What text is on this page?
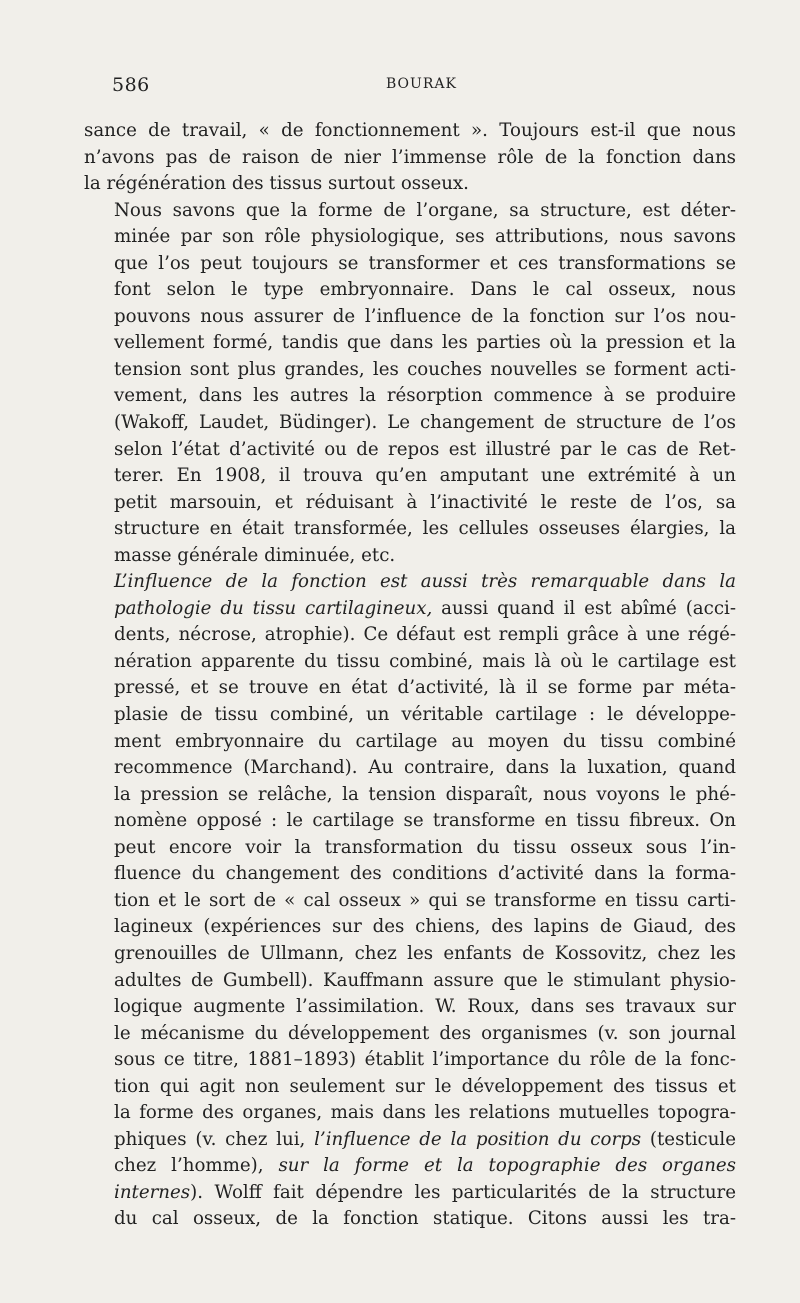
586	BOURAK

sance de travail, « de fonctionnement ». Toujours est-il que nous
n’avons pas de raison de nier l’immense rôle de la fonction dans
la régénération des tissus surtout osseux.

Nous savons que la forme de l’organe, sa structure, est déter-
minée par son rôle physiologique, ses attributions, nous savons
que l’os peut toujours se transformer et ces transformations se
font selon le type embryonnaire. Dans le cal osseux, nous
pouvons nous assurer de l’influence de la fonction sur l’os nou-
vellement formé, tandis que dans les parties où la pression et la
tension sont plus grandes, les couches nouvelles se forment acti-
vement, dans les autres la résorption commence à se produire
(Wakoff, Laudet, Büdinger). Le changement de structure de l’os
selon l’état d’activité ou de repos est illustré par le cas de Ret-
terer. En 1908, il trouva qu’en amputant une extrémité à un
petit marsouin, et réduisant à l’inactivité le reste de l’os, sa
structure en était transformée, les cellules osseuses élargies, la
masse générale diminuée, etc.

L’influence de la fonction est aussi très remarquable dans la
pathologie du tissu cartilagineux, aussi quand il est abîmé (acci-
dents, nécrose, atrophie). Ce défaut est rempli grâce à une régé-
nération apparente du tissu combiné, mais là où le cartilage est
pressé, et se trouve en état d’activité, là il se forme par méta-
plasie de tissu combiné, un véritable cartilage : le développe-
ment embryonnaire du cartilage au moyen du tissu combiné
recommence (Marchand). Au contraire, dans la luxation, quand
la pression se relâche, la tension disparaît, nous voyons le phé-
nomène opposé : le cartilage se transforme en tissu fibreux. On
peut encore voir la transformation du tissu osseux sous l’in-
fluence du changement des conditions d’activité dans la forma-
tion et le sort de « cal osseux » qui se transforme en tissu carti-
lagineux (expériences sur des chiens, des lapins de Giaud, des
grenouilles de Ullmann, chez les enfants de Kossovitz, chez les
adultes de Gumbell). Kauffmann assure que le stimulant physio-
logique augmente l’assimilation. W. Roux, dans ses travaux sur
le mécanisme du développement des organismes (v. son journal
sous ce titre, 1881–1893) établit l’importance du rôle de la fonc-
tion qui agit non seulement sur le développement des tissus et
la forme des organes, mais dans les relations mutuelles topogra-
phiques (v. chez lui, l’influence de la position du corps (testicule
chez l’homme), sur la forme et la topographie des organes
internes). Wolff fait dépendre les particularités de la structure
du cal osseux, de la fonction statique. Citons aussi les tra-
